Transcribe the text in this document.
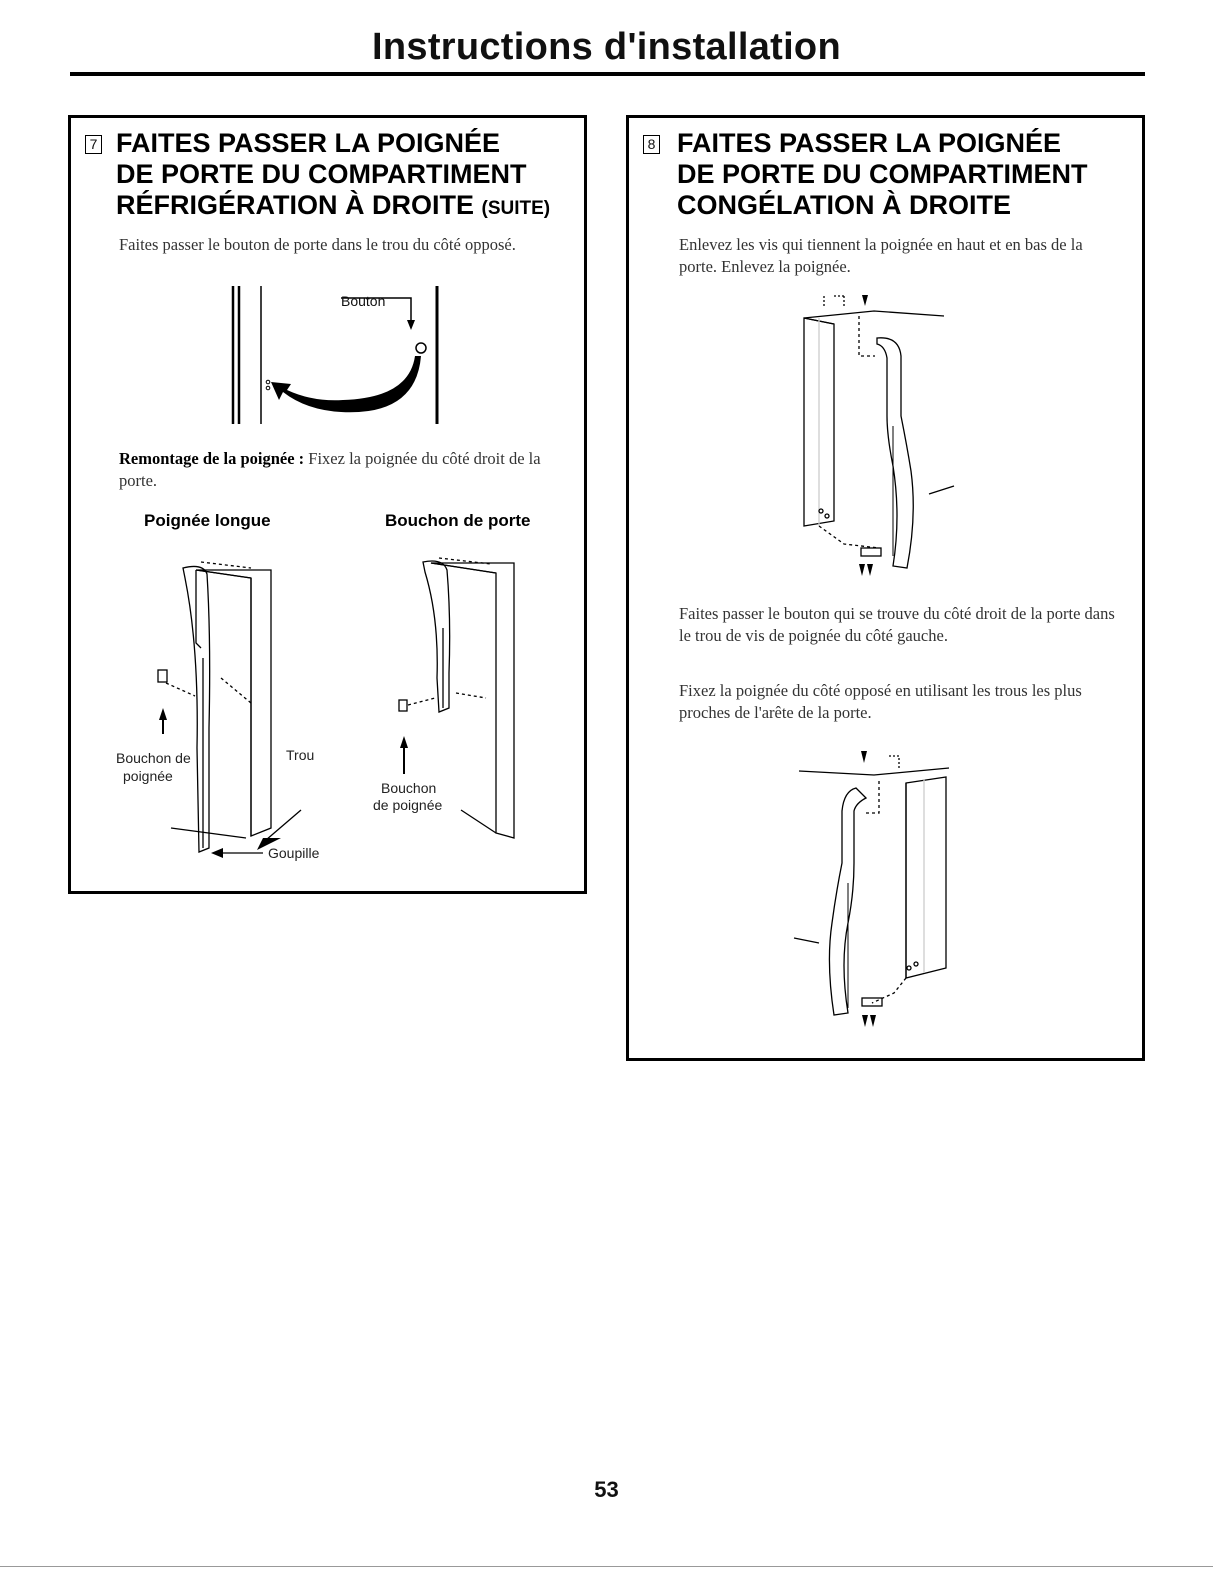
Instructions d'installation
7 FAITES PASSER LA POIGNÉE
DE PORTE DU COMPARTIMENT
RÉFRIGÉRATION À DROITE (SUITE)

Faites passer le bouton de porte dans le trou du côté opposé.

Bouton

Remontage de la poignée : Fixez la poignée du côté droit de la porte.

Poignée longue	Bouchon de porte
Bouchon de
poignée
Trou
Goupille
Bouchon
de poignée
8 FAITES PASSER LA POIGNÉE
DE PORTE DU COMPARTIMENT
CONGÉLATION À DROITE

Enlevez les vis qui tiennent la poignée en haut et en bas de la porte. Enlevez la poignée.

Faites passer le bouton qui se trouve du côté droit de la porte dans le trou de vis de poignée du côté gauche.

Fixez la poignée du côté opposé en utilisant les trous les plus proches de l'arête de la porte.

53
